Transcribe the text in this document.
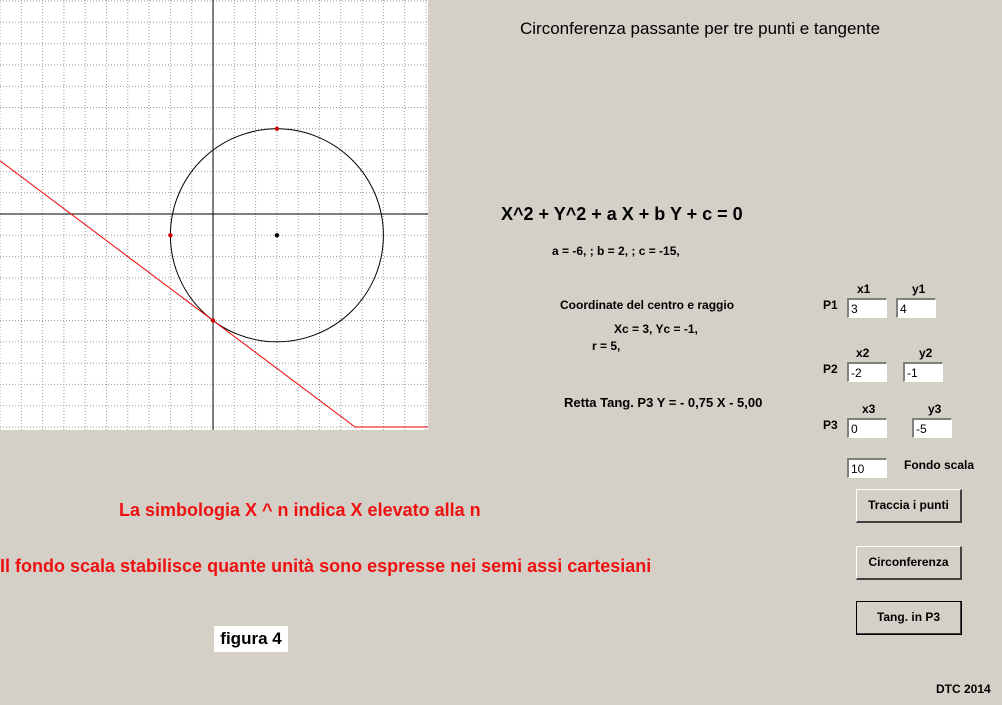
Circonferenza passante per tre punti e tangente
X^2 + Y^2 + a X + b Y + c = 0
a = -6, ; b = 2, ; c = -15,
Coordinate del centro e raggio
Xc = 3, Yc = -1,
r = 5,
Retta Tang. P3 Y = - 0,75 X - 5,00
x1	y1
P1	3	4
x2	y2
P2	-2	-1
x3	y3
P3	0	-5
10	Fondo scala
Traccia i punti
Circonferenza
Tang. in P3
La simbologia X ^ n indica X elevato alla n
Il fondo scala stabilisce quante unità sono espresse nei semi assi cartesiani
figura 4
DTC 2014
